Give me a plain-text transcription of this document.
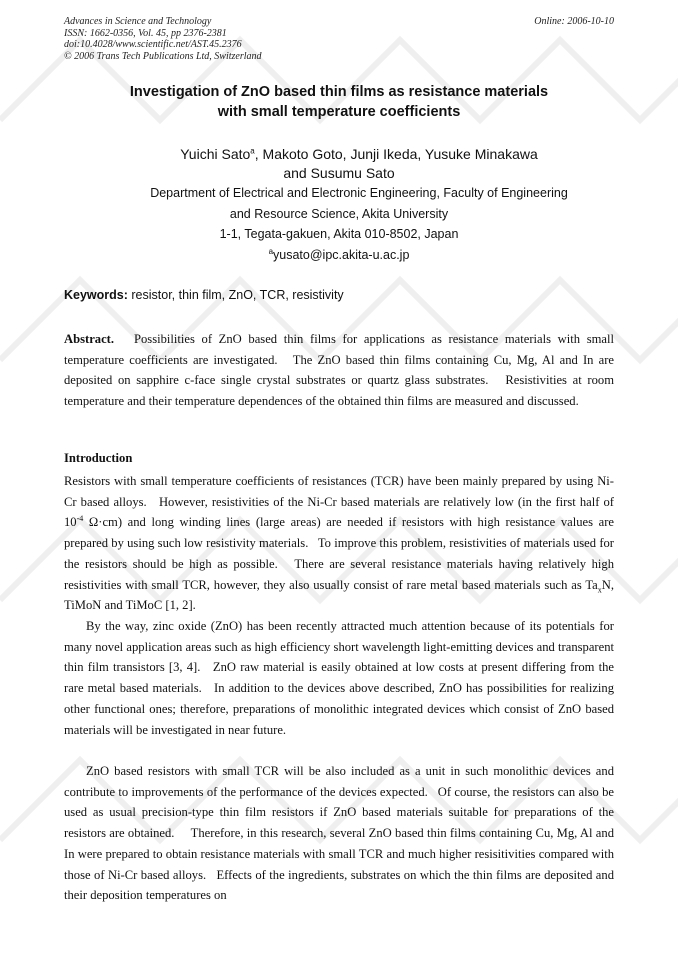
Advances in Science and Technology
ISSN: 1662-0356, Vol. 45, pp 2376-2381
doi:10.4028/www.scientific.net/AST.45.2376
© 2006 Trans Tech Publications Ltd, Switzerland
Online: 2006-10-10
Investigation of ZnO based thin films as resistance materials
with small temperature coefficients
Yuichi Sato$^a$, Makoto Goto, Junji Ikeda, Yusuke Minakawa
and Susumu Sato
Department of Electrical and Electronic Engineering, Faculty of Engineering
and Resource Science, Akita University
1-1, Tegata-gakuen, Akita 010-8502, Japan
$^a$yusato@ipc.akita-u.ac.jp
Keywords: resistor, thin film, ZnO, TCR, resistivity
Abstract.   Possibilities of ZnO based thin films for applications as resistance materials with small temperature coefficients are investigated.   The ZnO based thin films containing Cu, Mg, Al and In are deposited on sapphire c-face single crystal substrates or quartz glass substrates.   Resistivities at room temperature and their temperature dependences of the obtained thin films are measured and discussed.
Introduction
Resistors with small temperature coefficients of resistances (TCR) have been mainly prepared by using Ni-Cr based alloys.   However, resistivities of the Ni-Cr based materials are relatively low (in the first half of $10^{-4}$ Ω·cm) and long winding lines (large areas) are needed if resistors with high resistance values are prepared by using such low resistivity materials.   To improve this problem, resistivities of materials used for the resistors should be high as possible.   There are several resistance materials having relatively high resistivities with small TCR, however, they also usually consist of rare metal based materials such as $Ta_xN$, TiMoN and TiMoC [1, 2].
By the way, zinc oxide (ZnO) has been recently attracted much attention because of its potentials for many novel application areas such as high efficiency short wavelength light-emitting devices and transparent thin film transistors [3, 4].   ZnO raw material is easily obtained at low costs at present differing from the rare metal based materials.   In addition to the devices above described, ZnO has possibilities for realizing other functional ones; therefore, preparations of monolithic integrated devices which consist of ZnO based materials will be investigated in near future.
ZnO based resistors with small TCR will be also included as a unit in such monolithic devices and contribute to improvements of the performance of the devices expected.   Of course, the resistors can also be used as usual precision-type thin film resistors if ZnO based materials suitable for preparations of the resistors are obtained.     Therefore, in this research, several ZnO based thin films containing Cu, Mg, Al and In were prepared to obtain resistance materials with small TCR and much higher resisitivities compared with those of Ni-Cr based alloys.   Effects of the ingredients, substrates on which the thin films are deposited and their deposition temperatures on
